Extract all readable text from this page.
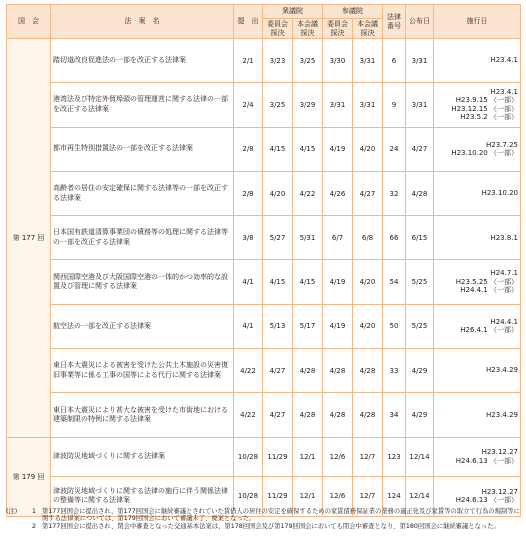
国　会	法　案　名	提　出	衆議院		参議院		法律番号	公布日	施行日
			委員会採決	本会議採決	委員会採決	本会議採決			
第 177 回	踏切道改良促進法の一部を改正する法律案	2/1	3/23	3/25	3/30	3/31	6	3/31	H23.4.1

	港湾法及び特定外貿埠頭の管理運営に関する法律の一部を改正する法律案	2/4	3/25	3/29	3/31	3/31	9	3/31	H23.4.1
H23.9.15 （一部）
H23.12.15 （一部）
H23.5.2 （一部）

	都市再生特別措置法の一部を改正する法律案	2/8	4/15	4/15	4/19	4/20	24	4/27	H23.7.25
H23.10.20 （一部）

	高齢者の居住の安定確保に関する法律等の一部を改正する法律案	2/8	4/20	4/22	4/26	4/27	32	4/28	H23.10.20

	日本国有鉄道清算事業団の債務等の処理に関する法律等の一部を改正する法律案	3/8	5/27	5/31	6/7	6/8	66	6/15	H23.8.1

	関西国際空港及び大阪国際空港の一体的かつ効率的な設置及び管理に関する法律案	4/1	4/15	4/15	4/19	4/20	54	5/25	H24.7.1
H23.5.25 （一部）
H24.4.1 （一部）

	航空法の一部を改正する法律案	4/1	5/13	5/17	4/19	4/20	50	5/25	H24.4.1
H26.4.1 （一部）

	東日本大震災による被害を受けた公共土木施設の災害復旧事業等に係る工事の国等による代行に関する法律案	4/22	4/27	4/28	4/28	4/28	33	4/29	H23.4.29

	東日本大震災により甚大な被害を受けた市街地における建築制限の特例に関する法律案	4/22	4/27	4/28	4/28	4/28	34	4/29	H23.4.29

第 179 回	津波防災地域づくりに関する法律案	10/28	11/29	12/1	12/6	12/7	123	12/14	H23.12.27
H24.6.13 （一部）

	津波防災地域づくりに関する法律の施行に伴う関係法律の整備等に関する法律案	10/28	11/29	12/1	12/6	12/7	124	12/14	H23.12.27
H24.6.13 （一部）
(注)	1 第177回国会に提出され、第177回国会に継続審議とされていた賃借人の居住の安定を確保するための家賃債務保証業の業務の適正化及び家賃等の取立て行為の規制等に関する法律案については、第179回国会において審議未了、廃案となった。
2 第177回国会に提出され、閉会中審査となった交通基本法案は、第178回国会及び第179回国会においても閉会中審査となり、第180回国会に継続審議となった。
